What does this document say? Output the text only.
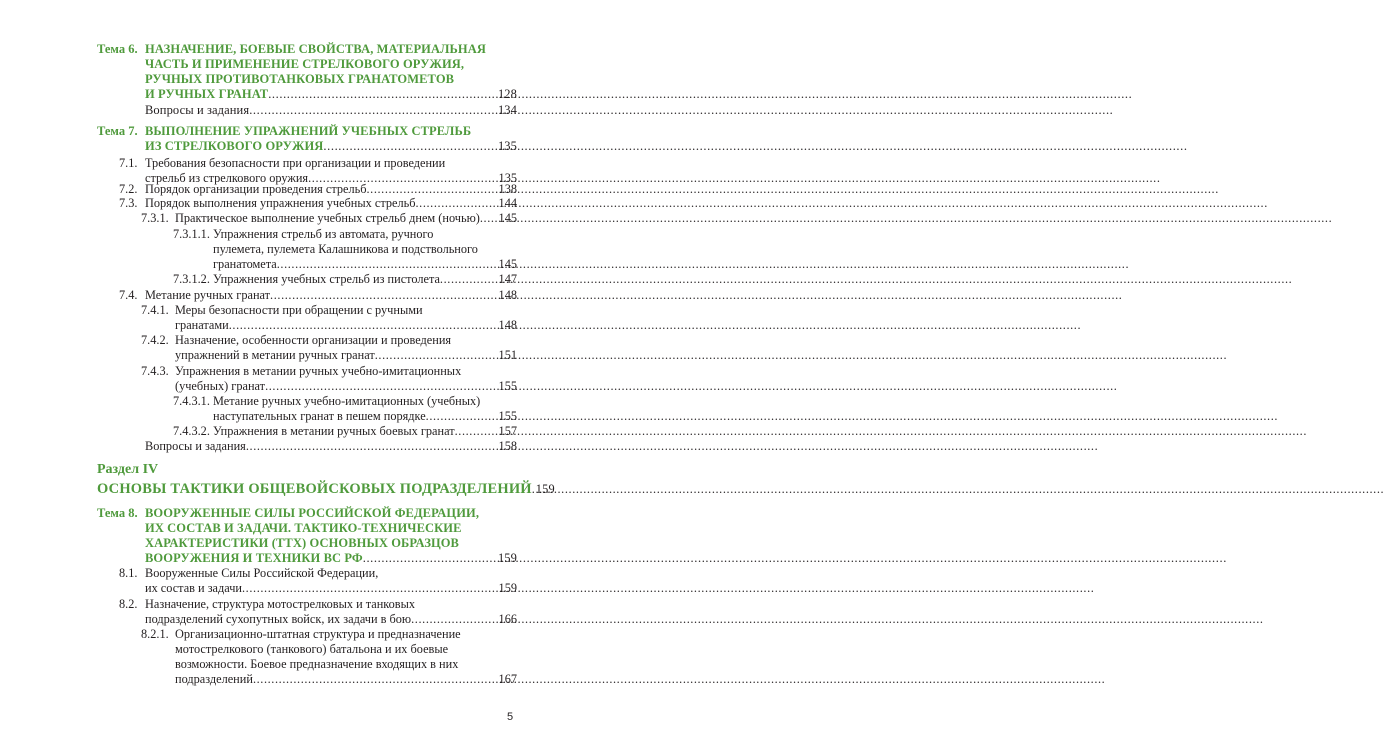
Тема 6. НАЗНАЧЕНИЕ, БОЕВЫЕ СВОЙСТВА, МАТЕРИАЛЬНАЯ
ЧАСТЬ И ПРИМЕНЕНИЕ СТРЕЛКОВОГО ОРУЖИЯ,
РУЧНЫХ ПРОТИВОТАНКОВЫХ ГРАНАТОМЕТОВ
И РУЧНЫХ ГРАНАТ .....	128
Вопросы и задания .....	134
Тема 7. ВЫПОЛНЕНИЕ УПРАЖНЕНИЙ УЧЕБНЫХ СТРЕЛЬБ
ИЗ СТРЕЛКОВОГО ОРУЖИЯ .....	135
7.1. Требования безопасности при организации и проведении
стрельб из стрелкового оружия .....	135
7.2. Порядок организации проведения стрельб .....	138
7.3. Порядок выполнения упражнения учебных стрельб .....	144
7.3.1. Практическое выполнение учебных стрельб днем (ночью) ..... 145
7.3.1.1. Упражнения стрельб из автомата, ручного
пулемета, пулемета Калашникова и подствольного
гранатомета .....	145
7.3.1.2. Упражнения учебных стрельб из пистолета .....	147
7.4. Метание ручных гранат .....	148
7.4.1. Меры безопасности при обращении с ручными
гранатами .....	148
7.4.2. Назначение, особенности организации и проведения
упражнений в метании ручных гранат .....	151
7.4.3. Упражнения в метании ручных учебно-имитационных
(учебных) гранат .....	155
7.4.3.1. Метание ручных учебно-имитационных (учебных)
наступательных гранат в пешем порядке .....	155
7.4.3.2. Упражнения в метании ручных боевых гранат .....	157
Вопросы и задания .....	158
Раздел IV
ОСНОВЫ ТАКТИКИ ОБЩЕВОЙСКОВЫХ ПОДРАЗДЕЛЕНИЙ ..... 159
Тема 8. ВООРУЖЕННЫЕ СИЛЫ РОССИЙСКОЙ ФЕДЕРАЦИИ,
ИХ СОСТАВ И ЗАДАЧИ. ТАКТИКО-ТЕХНИЧЕСКИЕ
ХАРАКТЕРИСТИКИ (ТТХ) ОСНОВНЫХ ОБРАЗЦОВ
ВООРУЖЕНИЯ И ТЕХНИКИ ВС РФ .....	159
8.1. Вооруженные Силы Российской Федерации,
их состав и задачи .....	159
8.2. Назначение, структура мотострелковых и танковых
подразделений сухопутных войск, их задачи в бою .....	166
8.2.1. Организационно-штатная структура и предназначение
мотострелкового (танкового) батальона и их боевые
возможности. Боевое предназначение входящих в них
подразделений .....	167
5
